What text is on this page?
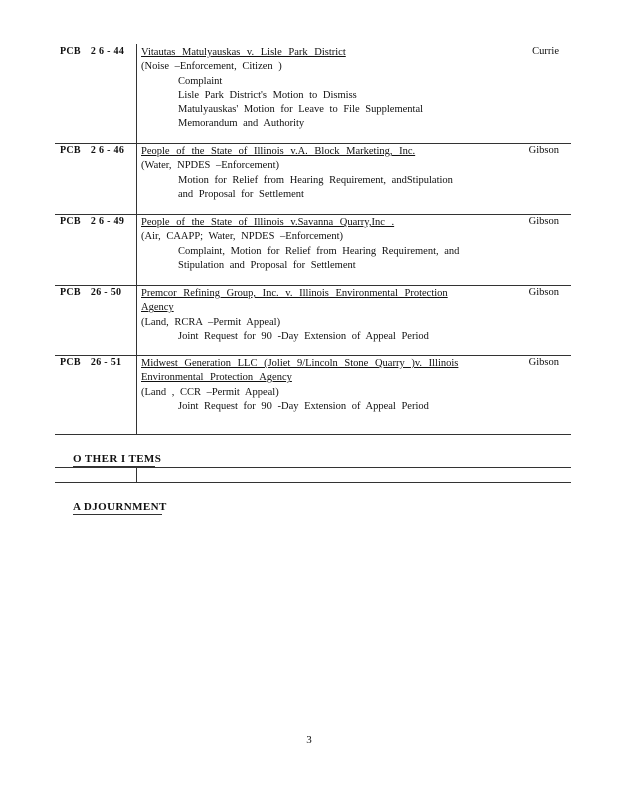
PCB 2 6 - 44 Vitautas Matulyauskas v. Lisle Park District
(Noise –Enforcement, Citizen )
Complaint
Lisle Park District's Motion to Dismiss
Matulyauskas' Motion for Leave to File Supplemental Memorandum and Authority
Currie
PCB 2 6 - 46 People of the State of Illinois v.A. Block Marketing, Inc.
(Water, NPDES –Enforcement)
Motion for Relief from Hearing Requirement, andStipulation and Proposal for Settlement
Gibson
PCB 2 6 - 49 People of the State of Illinois v.Savanna Quarry,Inc .
(Air, CAAPP; Water, NPDES –Enforcement)
Complaint, Motion for Relief from Hearing Requirement, and Stipulation and Proposal for Settlement
Gibson
PCB 26 - 50 Premcor Refining Group, Inc. v. Illinois Environmental Protection Agency
(Land, RCRA –Permit Appeal)
Joint Request for 90 -Day Extension of Appeal Period
Gibson
PCB 26 - 51 Midwest Generation LLC (Joliet 9/Lincoln Stone Quarry )v. Illinois Environmental Protection Agency
(Land , CCR –Permit Appeal)
Joint Request for 90 -Day Extension of Appeal Period
Gibson
O THER I TEMS
A DJOURNMENT
3
